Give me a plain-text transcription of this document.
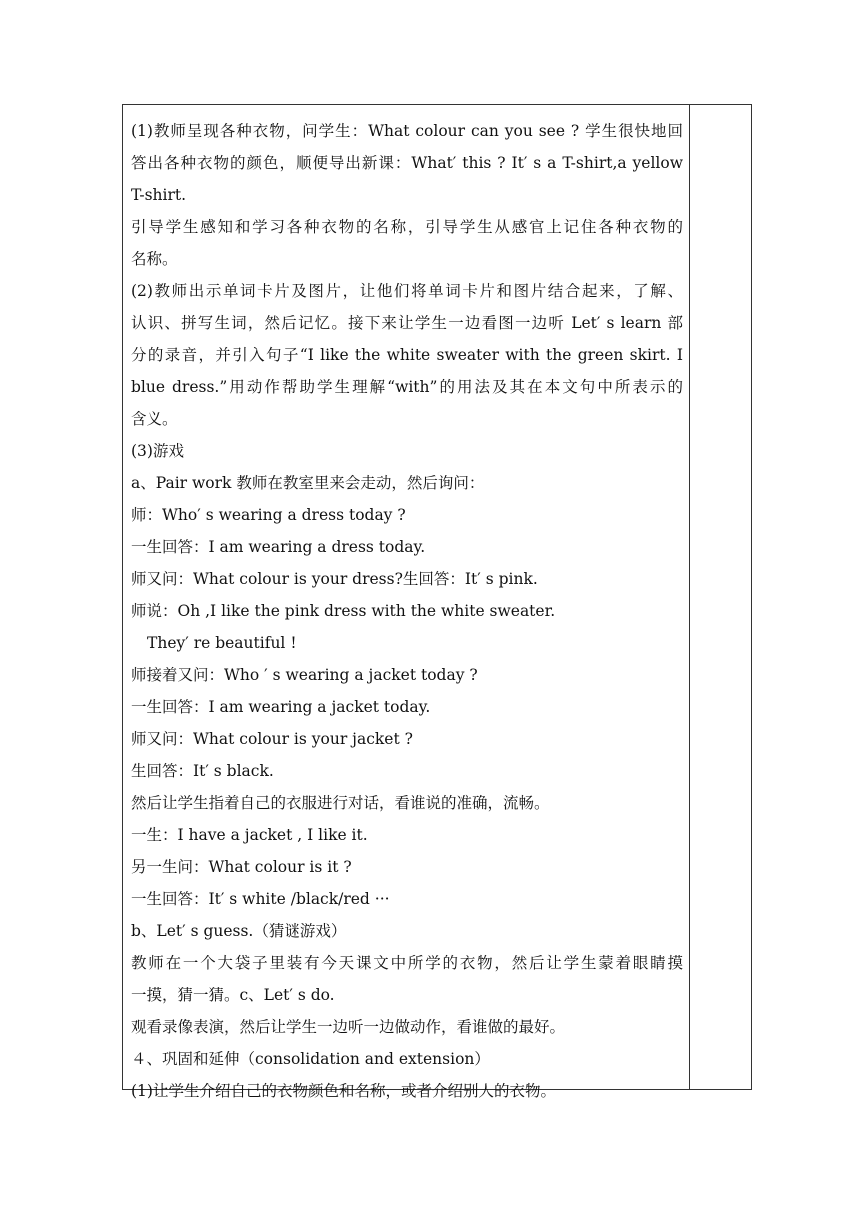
(1)教师呈现各种衣物，问学生：What colour can you see ? 学生很快地回
答出各种衣物的颜色，顺便导出新课：What′ this ? It′ s a T-shirt,a yellow
T-shirt.
引导学生感知和学习各种衣物的名称，引导学生从感官上记住各种衣物的
名称。
(2)教师出示单词卡片及图片，让他们将单词卡片和图片结合起来，了解、
认识、拼写生词，然后记忆。接下来让学生一边看图一边听 Let′ s learn 部
分的录音，并引入句子“I like the white sweater with the green skirt. I
blue dress.”用动作帮助学生理解“with”的用法及其在本文句中所表示的
含义。
(3)游戏
a、Pair work 教师在教室里来会走动，然后询问：
师：Who′ s wearing a dress today ?
一生回答：I am wearing a dress today.
师又问：What colour is your dress?生回答：It′ s pink.
师说：Oh ,I like the pink dress with the white sweater.
They′ re beautiful !
师接着又问：Who ′ s wearing a jacket today ?
一生回答：I am wearing a jacket today.
师又问：What colour is your jacket ?
生回答：It′ s black.
然后让学生指着自己的衣服进行对话，看谁说的准确，流畅。
一生：I have a jacket , I like it.
另一生问：What colour is it ?
一生回答：It′ s white /black/red ···
b、Let′ s guess.（猜谜游戏）
教师在一个大袋子里装有今天课文中所学的衣物，然后让学生蒙着眼睛摸
一摸，猜一猜。c、Let′ s do.
观看录像表演，然后让学生一边听一边做动作，看谁做的最好。
４、巩固和延伸（consolidation and extension）
(1)让学生介绍自己的衣物颜色和名称，或者介绍别人的衣物。
